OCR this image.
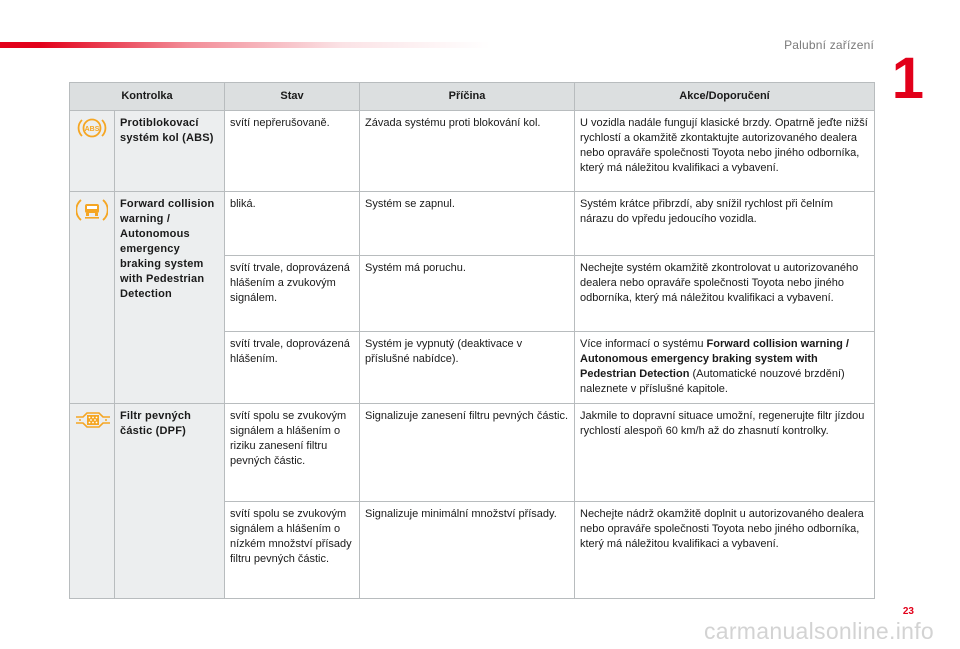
Palubní zařízení
1
Kontrolka		Stav	Příčina	Akce/Doporučení

ABS	Protiblokovací systém kol (ABS)	svítí nepřerušovaně.	Závada systému proti blokování kol.	U vozidla nadále fungují klasické brzdy. Opatrně jeďte nižší rychlostí a okamžitě zkontaktujte autorizovaného dealera nebo opraváře společnosti Toyota nebo jiného odborníka, který má náležitou kvalifikaci a vybavení.
	Forward collision warning / Autonomous emergency braking system with Pedestrian Detection	bliká.	Systém se zapnul.	Systém krátce přibrzdí, aby snížil rychlost při čelním nárazu do vpředu jedoucího vozidla.
		svítí trvale, doprovázená hlášením a zvukovým signálem.	Systém má poruchu.	Nechejte systém okamžitě zkontrolovat u autorizovaného dealera nebo opraváře společnosti Toyota nebo jiného odborníka, který má náležitou kvalifikaci a vybavení.
		svítí trvale, doprovázená hlášením.	Systém je vypnutý (deaktivace v příslušné nabídce).	Více informací o systému Forward collision warning / Autonomous emergency braking system with Pedestrian Detection (Automatické nouzové brzdění) naleznete v příslušné kapitole.
	Filtr pevných částic (DPF)	svítí spolu se zvukovým signálem a hlášením o riziku zanesení filtru pevných částic.	Signalizuje zanesení filtru pevných částic.	Jakmile to dopravní situace umožní, regenerujte filtr jízdou rychlostí alespoň 60 km/h až do zhasnutí kontrolky.
		svítí spolu se zvukovým signálem a hlášením o nízkém množství přísady filtru pevných částic.	Signalizuje minimální množství přísady.	Nechejte nádrž okamžitě doplnit u autorizovaného dealera nebo opraváře společnosti Toyota nebo jiného odborníka, který má náležitou kvalifikaci a vybavení.
23
carmanualsonline.info
